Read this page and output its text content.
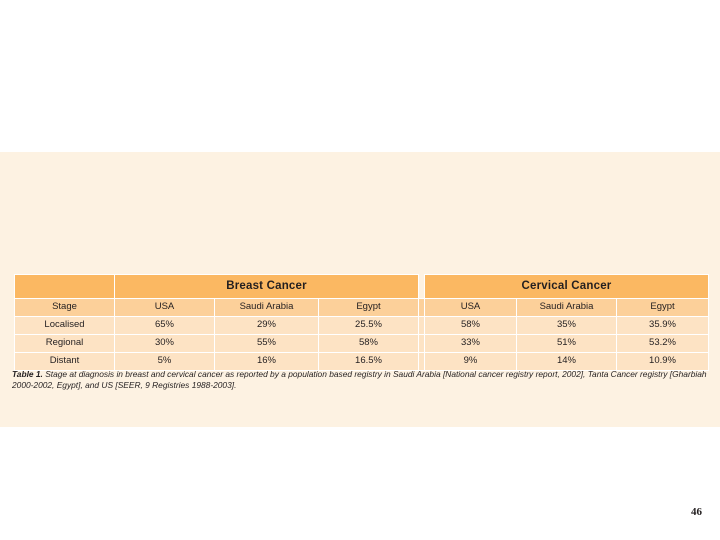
	Breast Cancer				Cervical Cancer		
Stage	USA	Saudi Arabia	Egypt		USA	Saudi Arabia	Egypt
Localised	65%	29%	25.5%		58%	35%	35.9%
Regional	30%	55%	58%		33%	51%	53.2%
Distant	5%	16%	16.5%		9%	14%	10.9%
Table 1. Stage at diagnosis in breast and cervical cancer as reported by a population based registry in Saudi Arabia [National cancer registry report, 2002], Tanta Cancer registry [Gharbiah 2000-2002, Egypt], and US [SEER, 9 Registries 1988-2003].
46
